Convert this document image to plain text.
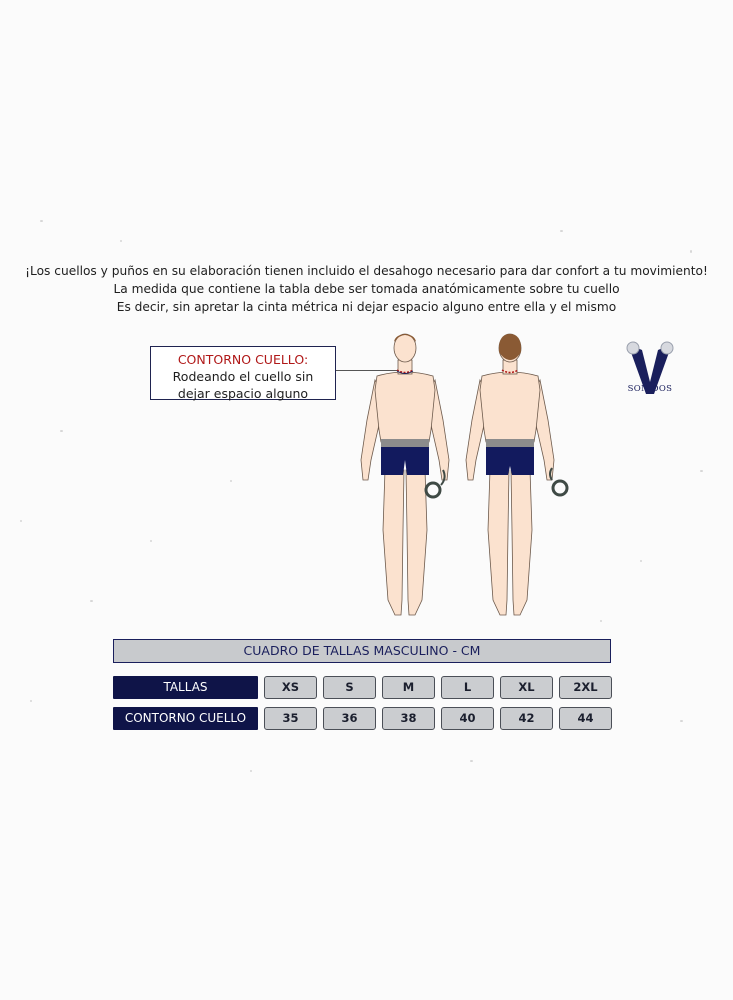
¡Los cuellos y puños en su elaboración tienen incluido el desahogo necesario para dar confort a tu movimiento!
La medida que contiene la tabla debe ser tomada anatómicamente sobre tu cuello
Es decir, sin apretar la cinta métrica ni dejar espacio alguno entre ella y el mismo
CONTORNO CUELLO:
Rodeando el cuello sin
dejar espacio alguno	SON DOS
CUADRO DE TALLAS MASCULINO - CM
TALLAS	XS	S	M	L	XL	2XL
CONTORNO CUELLO	35	36	38	40	42	44
